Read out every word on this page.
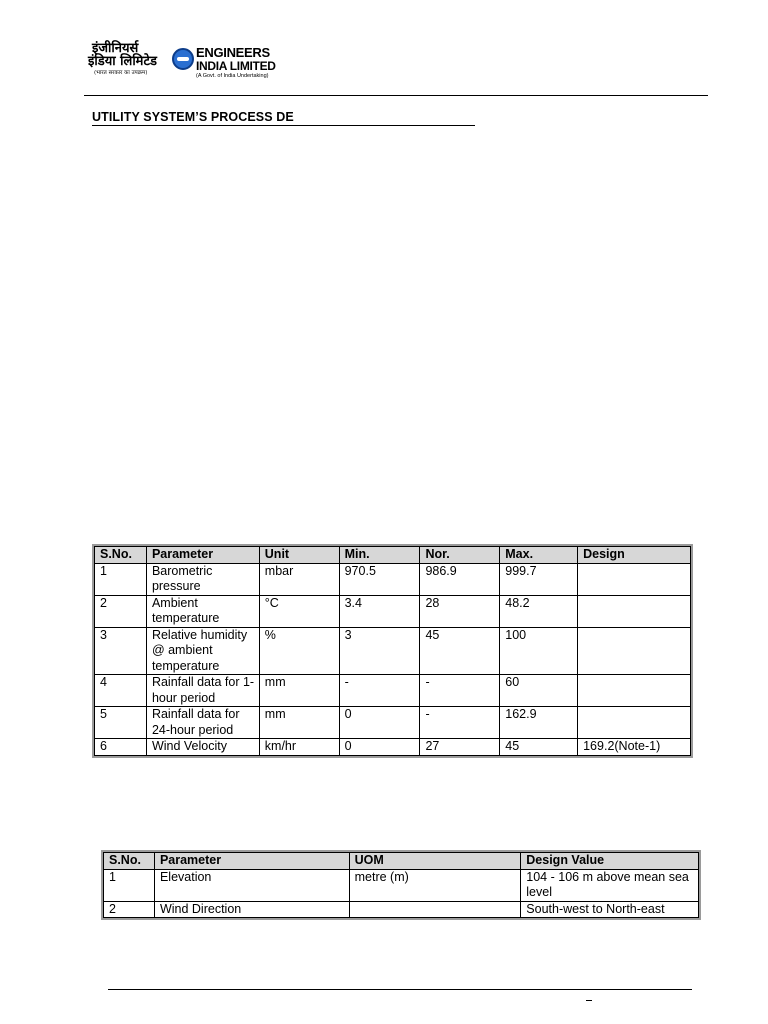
इंजीनियर्स
इंडिया लिमिटेड
(भारत सरकार का उपक्रम)
ENGINEERS
INDIA LIMITED
(A Govt. of India Undertaking)
UTILITY SYSTEM’S PROCESS DE
S.No.	Parameter	Unit	Min.	Nor.	Max.	Design
1	Barometric pressure	mbar	970.5	986.9	999.7	
2	Ambient temperature	°C	3.4	28	48.2	
3	Relative humidity @ ambient temperature	%	3	45	100	
4	Rainfall data for 1-hour period	mm	-	-	60	
5	Rainfall data for 24-hour period	mm	0	-	162.9	
6	Wind Velocity	km/hr	0	27	45	169.2(Note-1)
S.No.	Parameter	UOM	Design Value
1	Elevation	metre (m)	104 - 106 m above mean sea level
2	Wind Direction		South-west to North-east
